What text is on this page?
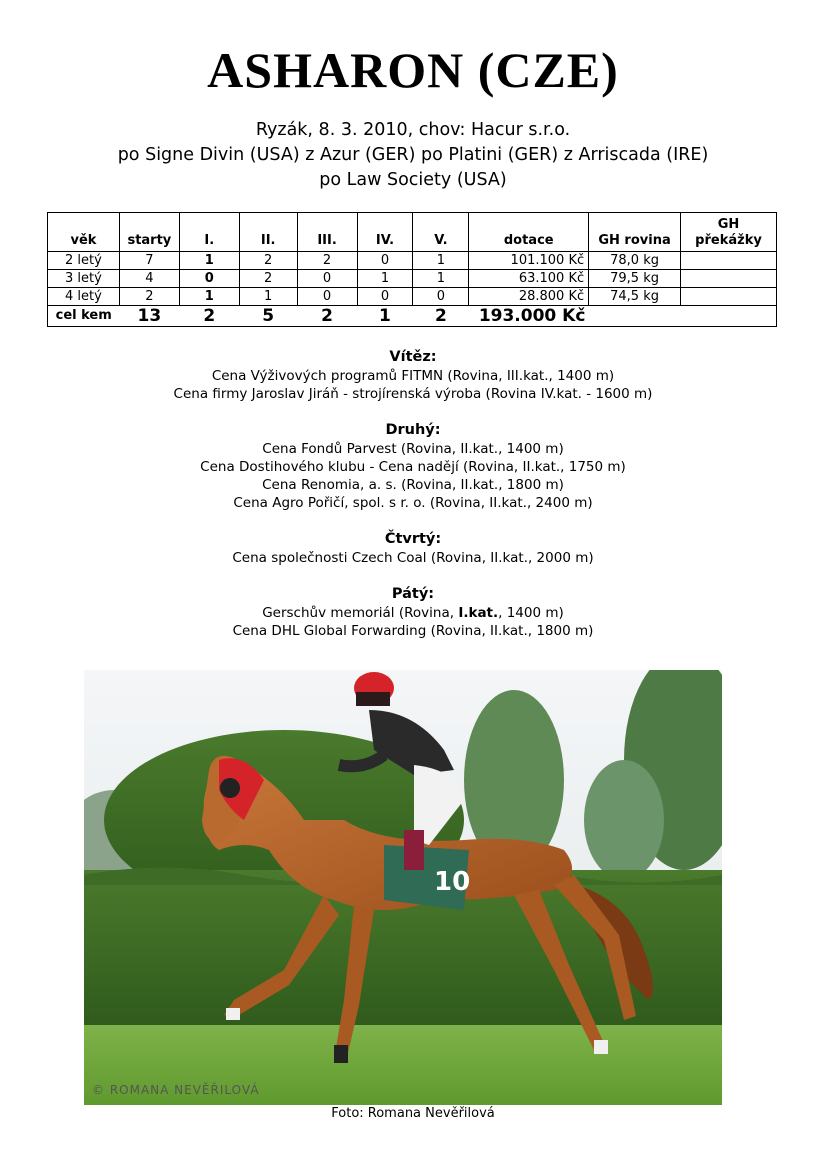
ASHARON (CZE)
Ryzák, 8. 3. 2010, chov: Hacur s.r.o.
po Signe Divin (USA) z Azur (GER) po Platini (GER) z Arriscada (IRE)
po Law Society (USA)
věk	starty	I.	II.	III.	IV.	V.	dotace	GH rovina	GH překážky
2 letý	7	1	2	2	0	1	101.100 Kč	78,0 kg	
3 letý	4	0	2	0	1	1	63.100 Kč	79,5 kg	
4 letý	2	1	1	0	0	0	28.800 Kč	74,5 kg	
cel kem	13	2	5	2	1	2	193.000 Kč		
Vítěz:
Cena Výživových programů FITMN (Rovina, III.kat., 1400 m)
Cena firmy Jaroslav Jiráň - strojírenská výroba (Rovina IV.kat. - 1600 m)
Druhý:
Cena Fondů Parvest (Rovina, II.kat., 1400 m)
Cena Dostihového klubu - Cena nadějí (Rovina, II.kat., 1750 m)
Cena Renomia, a. s. (Rovina, II.kat., 1800 m)
Cena Agro Pořičí, spol. s r. o. (Rovina, II.kat., 2400 m)
Čtvrtý:
Cena společnosti Czech Coal (Rovina, II.kat., 2000 m)
Pátý:
Gerschův memoriál (Rovina, I.kat., 1400 m)
Cena DHL Global Forwarding (Rovina, II.kat., 1800 m)
10
© ROMANA NEVĚŘILOVÁ
Foto: Romana Nevěřilová
